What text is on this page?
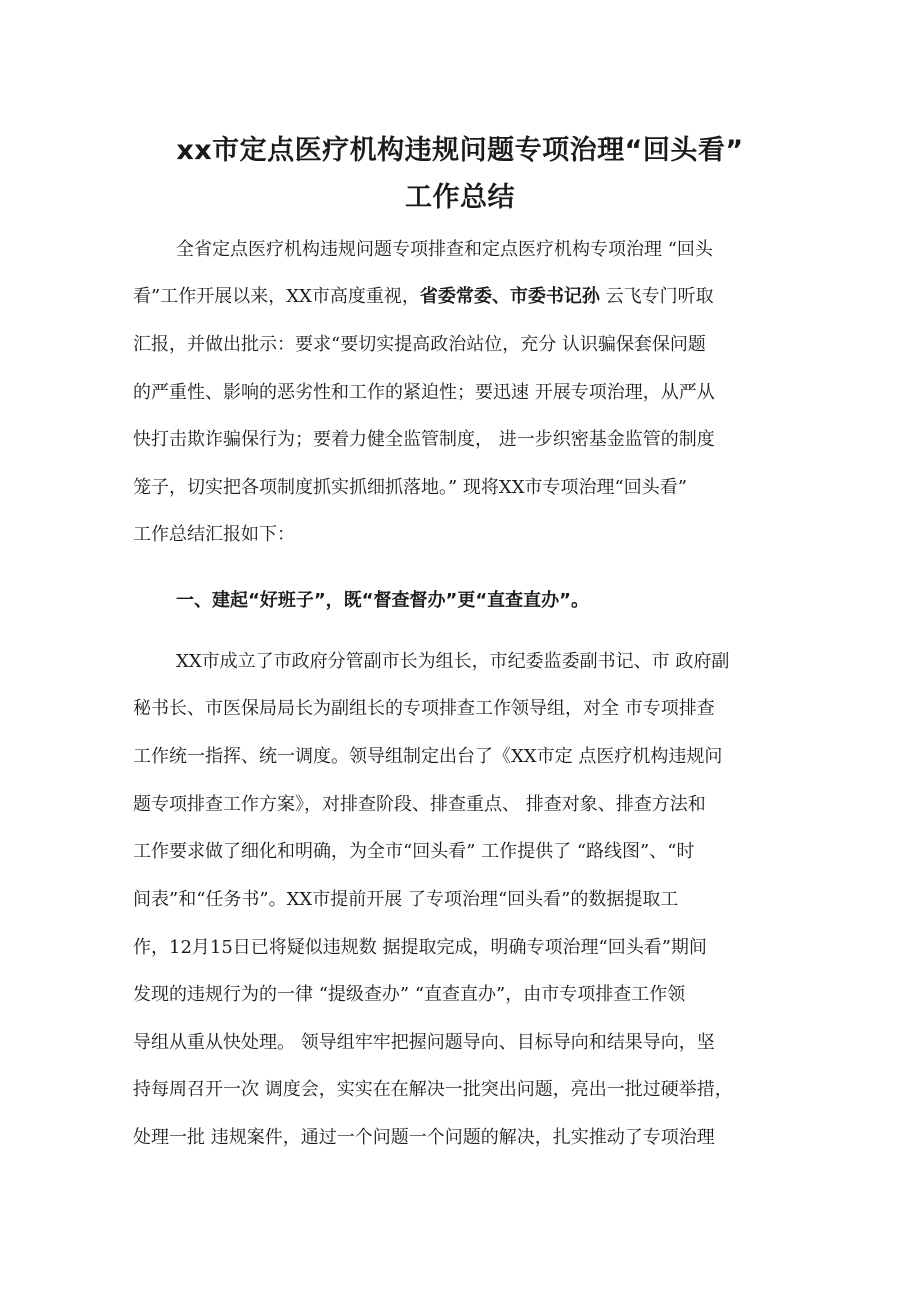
xx市定点医疗机构违规问题专项治理“回头看”
工作总结
全省定点医疗机构违规问题专项排查和定点医疗机构专项治理 “回头
看”工作开展以来，XX市高度重视，省委常委、市委书记孙 云飞专门听取
汇报，并做出批示：要求“要切实提高政治站位，充分 认识骗保套保问题
的严重性、影响的恶劣性和工作的紧迫性；要迅速 开展专项治理，从严从
快打击欺诈骗保行为；要着力健全监管制度， 进一步织密基金监管的制度
笼子，切实把各项制度抓实抓细抓落地。” 现将XX市专项治理“回头看”
工作总结汇报如下：
一、建起“好班子”，既“督查督办”更“直查直办”。
XX市成立了市政府分管副市长为组长，市纪委监委副书记、市 政府副
秘书长、市医保局局长为副组长的专项排查工作领导组，对全 市专项排查
工作统一指挥、统一调度。领导组制定出台了《XX市定 点医疗机构违规问
题专项排查工作方案》，对排查阶段、排查重点、 排查对象、排查方法和
工作要求做了细化和明确，为全市“回头看” 工作提供了 “路线图”、“时
间表”和“任务书”。XX市提前开展 了专项治理“回头看”的数据提取工
作，12月15日已将疑似违规数 据提取完成，明确专项治理“回头看”期间
发现的违规行为的一律 “提级查办” “直查直办”，由市专项排查工作领
导组从重从快处理。 领导组牢牢把握问题导向、目标导向和结果导向，坚
持每周召开一次 调度会，实实在在解决一批突出问题，亮出一批过硬举措，
处理一批 违规案件，通过一个问题一个问题的解决，扎实推动了专项治理
